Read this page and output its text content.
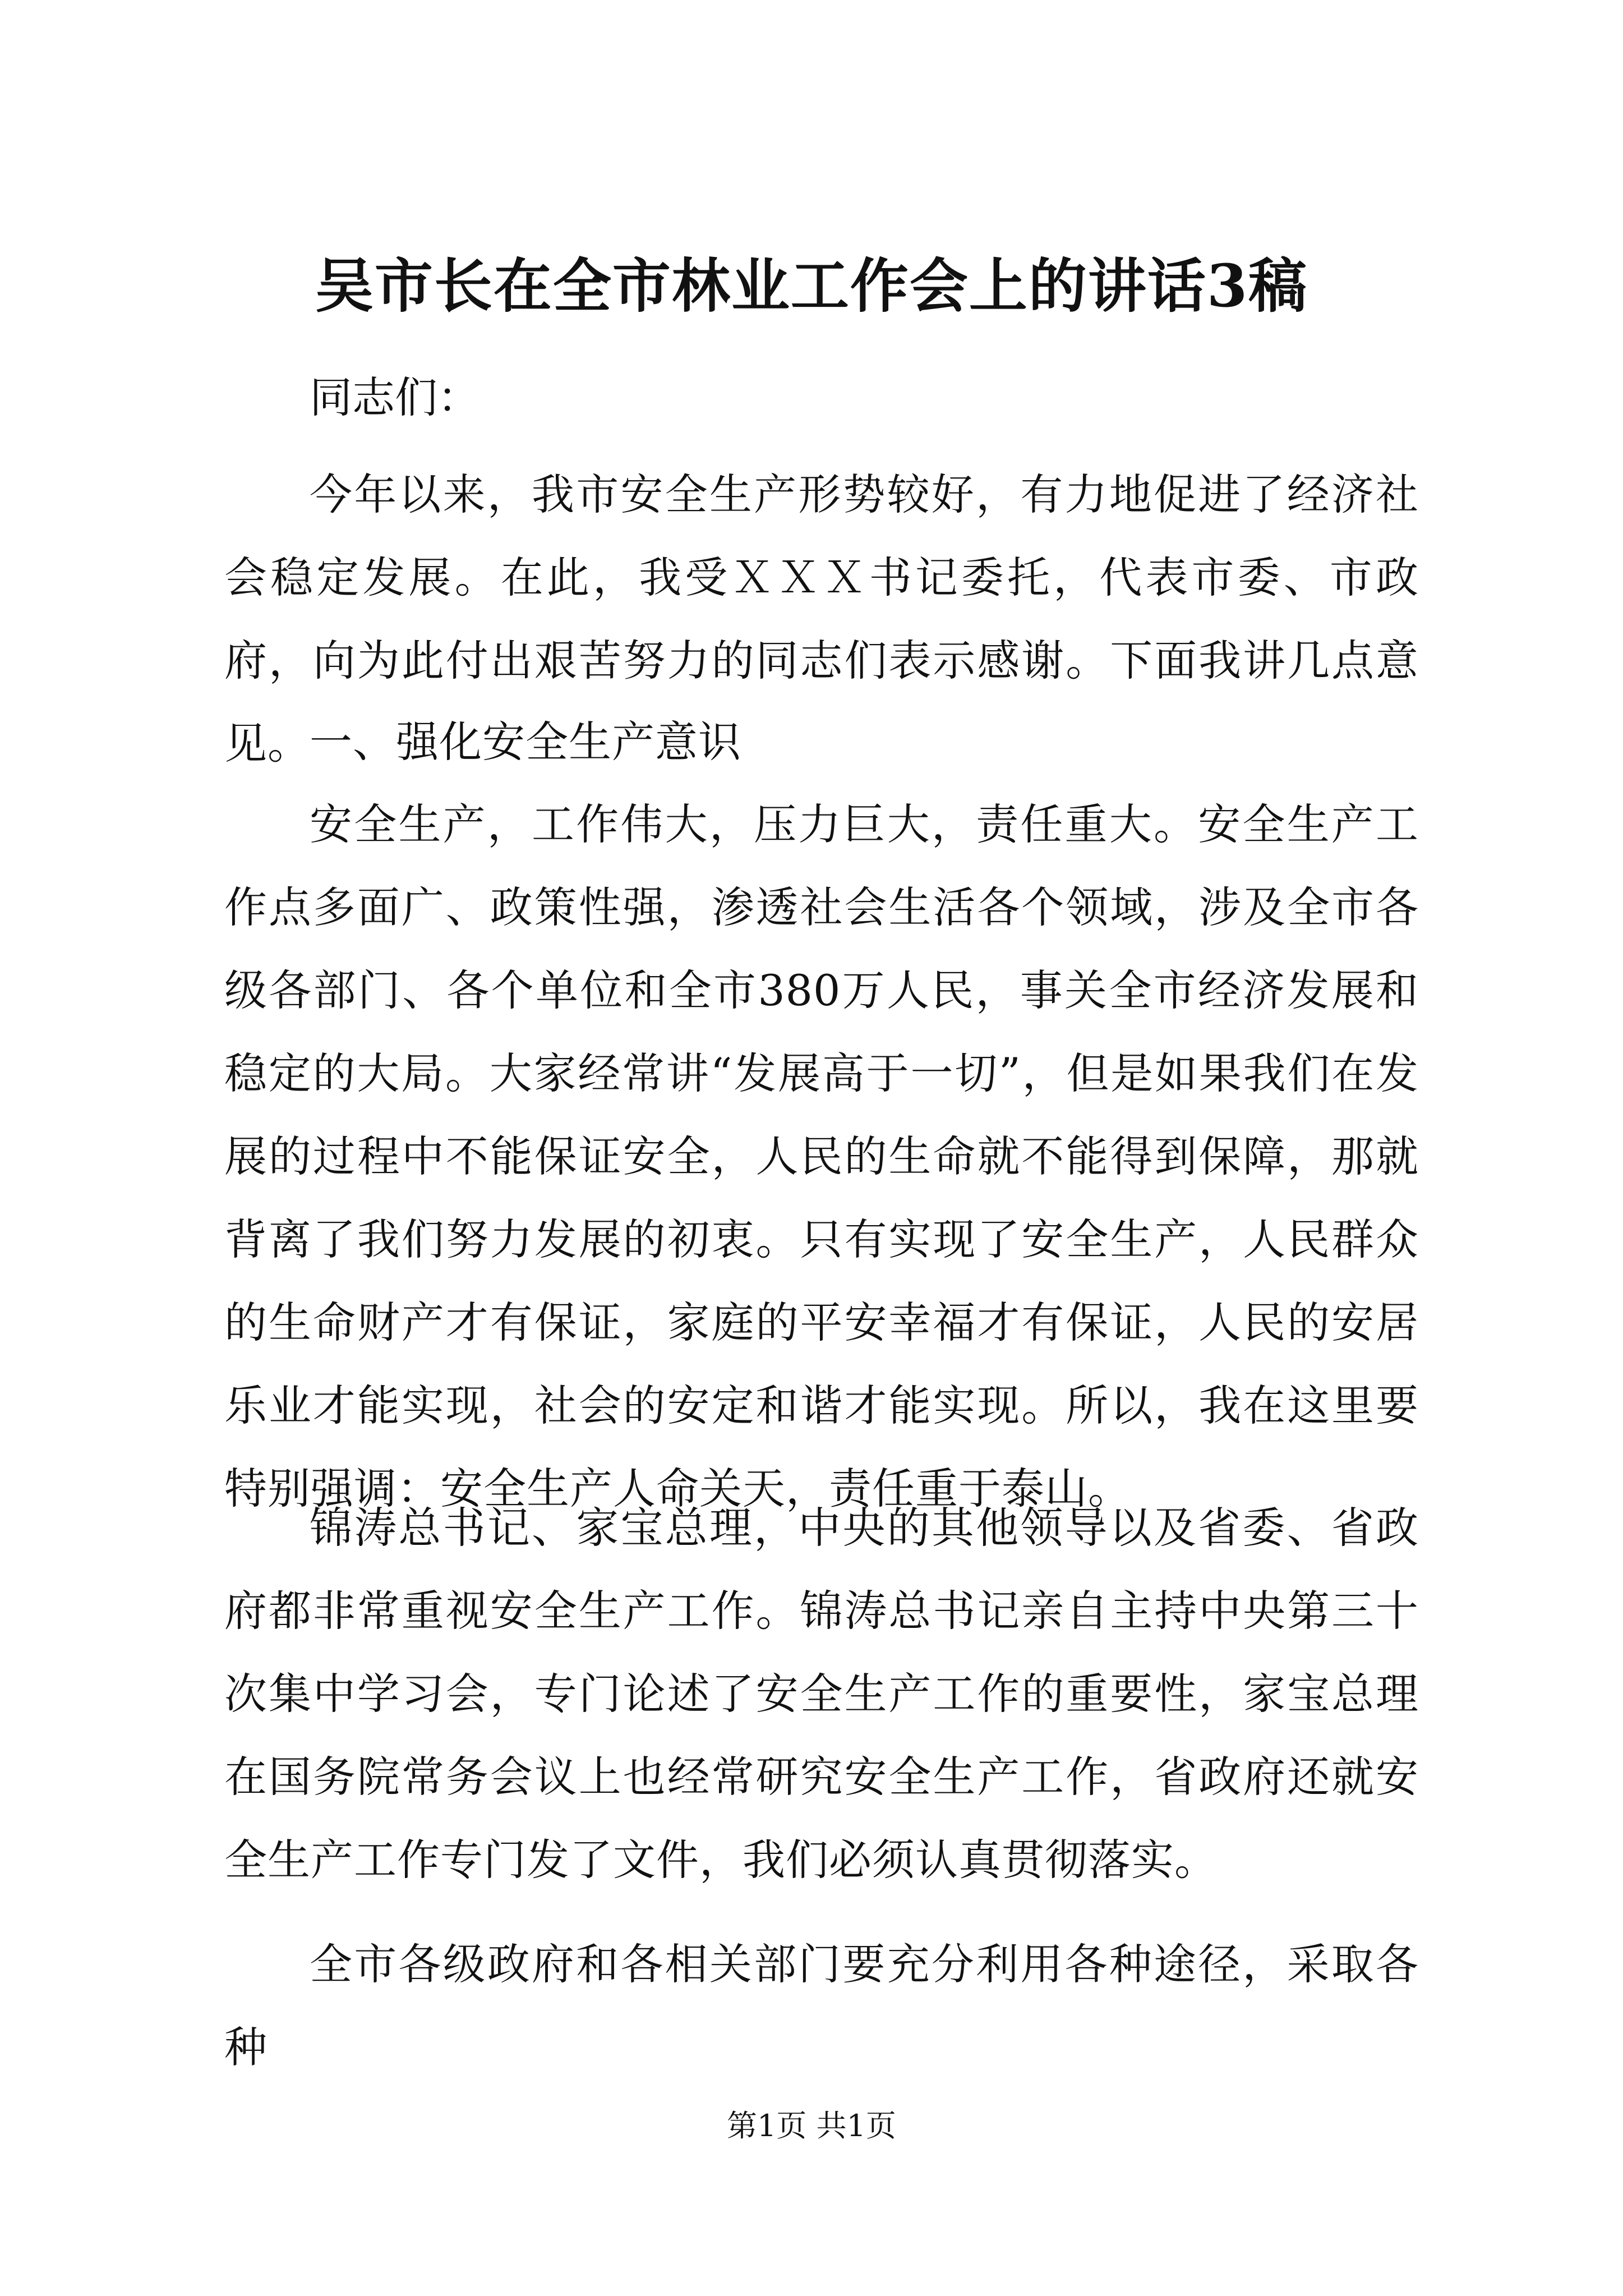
吴市长在全市林业工作会上的讲话3稿
同志们：

今年以来，我市安全生产形势较好，有力地促进了经济社会稳定发展。在此，我受ＸＸＸ书记委托，代表市委、市政府，向为此付出艰苦努力的同志们表示感谢。下面我讲几点意见。

一、强化安全生产意识

安全生产，工作伟大，压力巨大，责任重大。安全生产工作点多面广、政策性强，渗透社会生活各个领域，涉及全市各级各部门、各个单位和全市380万人民，事关全市经济发展和稳定的大局。大家经常讲“发展高于一切”，但是如果我们在发展的过程中不能保证安全，人民的生命就不能得到保障，那就背离了我们努力发展的初衷。只有实现了安全生产，人民群众的生命财产才有保证，家庭的平安幸福才有保证，人民的安居乐业才能实现，社会的安定和谐才能实现。所以，我在这里要特别强调：安全生产人命关天，责任重于泰山。

锦涛总书记、家宝总理，中央的其他领导以及省委、省政府都非常重视安全生产工作。锦涛总书记亲自主持中央第三十次集中学习会，专门论述了安全生产工作的重要性，家宝总理在国务院常务会议上也经常研究安全生产工作，省政府还就安全生产工作专门发了文件，我们必须认真贯彻落实。

全市各级政府和各相关部门要充分利用各种途径，采取各种

第1页 共1页
